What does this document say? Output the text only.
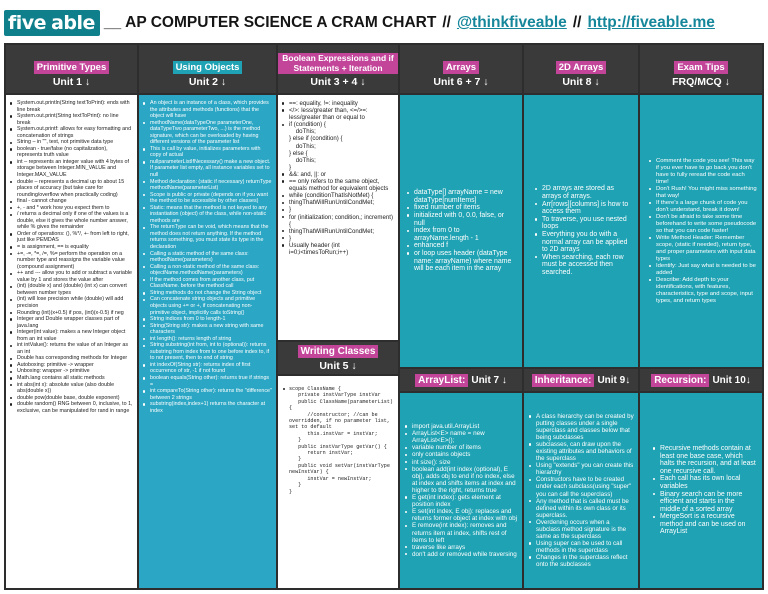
five able __ AP COMPUTER SCIENCE A CRAM CHART // @thinkfiveable // http://fiveable.me
Primitive Types
Unit 1 ↓
Using Objects
Unit 2 ↓
Boolean Expressions and if Statements + Iteration
Unit 3 + 4 ↓
Arrays
Unit 6 + 7 ↓
2D Arrays
Unit 8 ↓
Exam Tips
FRQ/MCQ ↓
System.out.println(String textToPrint): ends with line break
System.out.print(String textToPrint): no line break
System.out.printf: allows for easy formatting and concatenation of strings
String – in "", text, not primitive data type
boolean - true/false (no capitalization), represents truth value
int – represents an integer value with 4 bytes of storage between Integer.MIN_VALUE and Integer.MAX_VALUE
double – represents a decimal up to about 15 places of accuracy (but take care for rounding/overflow when practically coding)
final - cannot change
+, - and * work how you expect them to
/ returns a decimal only if one of the values is a double, else it gives the whole number answer, while % gives the remainder
Order of operations: (), %*/, +- from left to right, just like PEMDAS
= is assignment, == is equality
+=, -=, *=, /=, %= perform the operation on a number type and reassigns the variable value (compound assignment)
++ and --- allow you to add or subtract a variable value by 1 and stores the value after
(int) (double x) and (double) (int x) can convert between number types
(int) will lose precision while (double) will add precision
Rounding (int)(x+0.5) if pos, (int)(x-0.5) if neg
Integer and Double wrapper classes part of java.lang
Integer(int value): makes a new Integer object from an int value
int intValue(): returns the value of an Integer as an int
Double has corresponding methods for Integer
Autoboxing: primitive -> wrapper
Unboxing: wrapper -> primitive
Math.lang contains all static methods
int abs(int x): absolute value (also double abs(double x))
double pow(double base, double exponent)
double random() RNG between 0, inclusive, to 1, exclusive, can be manipulated for rand in range
An object is an instance of a class, which provides the attributes and methods (functions) that the object will have
methodName(dataTypeOne parameterOne, dataTypeTwo parameterTwo, ...) is the method signature, which can be overloaded by having different versions of the parameter list
This is call by value, initializes parameters with copy of actual
nullparameterListIfNecessary() make a new object. If parameter list empty, all instance variables set to null
Method declaration: (static if necessary) returnType methodName(parameterList)
Scope is public or private (depends on if you want the method to be accessible by other classes)
Static: means that the method is not keyed to any instantiation (object) of the class, while non-static methods are
The returnType can be void, which means that the method does not return anything. If the method returns something, you must state its type in the declaration
Calling a static method of the same class: methodName(parameters)
Calling a non-static method of the same class: objectName.methodName(parameters)
If the method comes from another class, put ClassName. before the method call
String methods do not change the String object
Can concatenate string objects and primitive objects using += or +, if concatenating non-primitive object, implicitly calls toString()
String indices from 0 to length-1
String(String str): makes a new string with same characters
int length(): returns length of string
String substring(int from, int to (optional)): returns substring from index from to one before index to, if to not present, then to end of string
int indexOf(String str): returns index of first occurrence of str, -1 if not found
boolean equals(String other): returns true if strings =
int compareTo(String other): returns the "difference" between 2 strings
substring(index,index+1) returns the character at index
==: equality, !=: inequality
</>: less/greater than, <=/>=: less/greater than or equal to
if (condition) {
doThis;
} else if (condition) {
doThis;
} else {
doThis;
}
&&: and, ||: or
== only refers to the same object, equals method for equivalent objects
while (conditionThatIsNotMet) {
thingThatWillRunUntilCondMet;
}
for (initialization; condition,; increment) {
thingThatWillRunUntilCondMet;
}
Usually header (int i=0;i<timesToRun;i++)
Writing Classes
Unit 5 ↓
scope ClassName {
private instVarType instVar
public ClassName(parameterList) {
//constructor; //can be overridden, if no parameter list, set to default
this.instVar = instVar;
}
public instVarType getVar() {
return instVar;
}
public void setVar(instVarType newInstVar) {
instVar = newInstVar;
}
}
dataType[] arrayName = new dataType[numItems]
fixed number of items
initialized with 0, 0.0, false, or null
index from 0 to arrayName.length - 1
enhanced f
or loop uses header (dataType name: arrayName) where name will be each item in the array
2D arrays are stored as arrays of arrays.
Arr[rows][columns] is how to access them
To traverse, you use nested loops
Everything you do with a normal array can be applied to 2D arrays
When searching, each row must be accessed then searched.
Comment the code you see! This way if you ever have to go back you don't have to fully reread the code each time!
Don't Rush! You might miss something that way!
If there's a large chunk of code you don't understand, break it down!
Don't be afraid to take some time beforehand to write some pseudocode so that you can code faster!
Write Method Header: Remember scope, (static if needed), return type, and proper parameters with input data types
Identify: Just say what is needed to be added
Describe: Add depth to your identifications, with features, characteristics, type and scope, input types, and return types
ArrayList: Unit 7 ↓	Inheritance: Unit 9↓	Recursion: Unit 10↓
import java.util.ArrayList
ArrayList<E> name = new ArrayList<E>();
variable number of items
only contains objects
int size(): size
boolean add(int index (optional), E obj), adds obj to end if no index, else at index and shifts items at index and higher to the right, returns true
E get(int index): gets element at position index
E set(int index, E obj): replaces and returns former object at index with obj
E remove(int index): removes and returns item at index, shifts rest of items to left
traverse like arrays
don't add or removed while traversing
A class hierarchy can be created by putting classes under a single superclass and classes below that being subclasses
subclasses, can draw upon the existing attributes and behaviors of the superclass
Using "extends" you can create this hierarchy
Constructors have to be created under each subclass(using "super" you can call the superclass)
Any method that is called must be defined within its own class or its superclass.
Overdening occurs when a subclass method signature is the same as the superclass
Using super can be used to call methods in the superclass
Changes in the superclass reflect onto the subclasses
Recursive methods contain at least one base case, which halts the recursion, and at least one recursive call.
Each call has its own local variables
Binary search can be more efficient and starts in the middle of a sorted array
MergeSort is a recursive method and can be used on ArrayList
